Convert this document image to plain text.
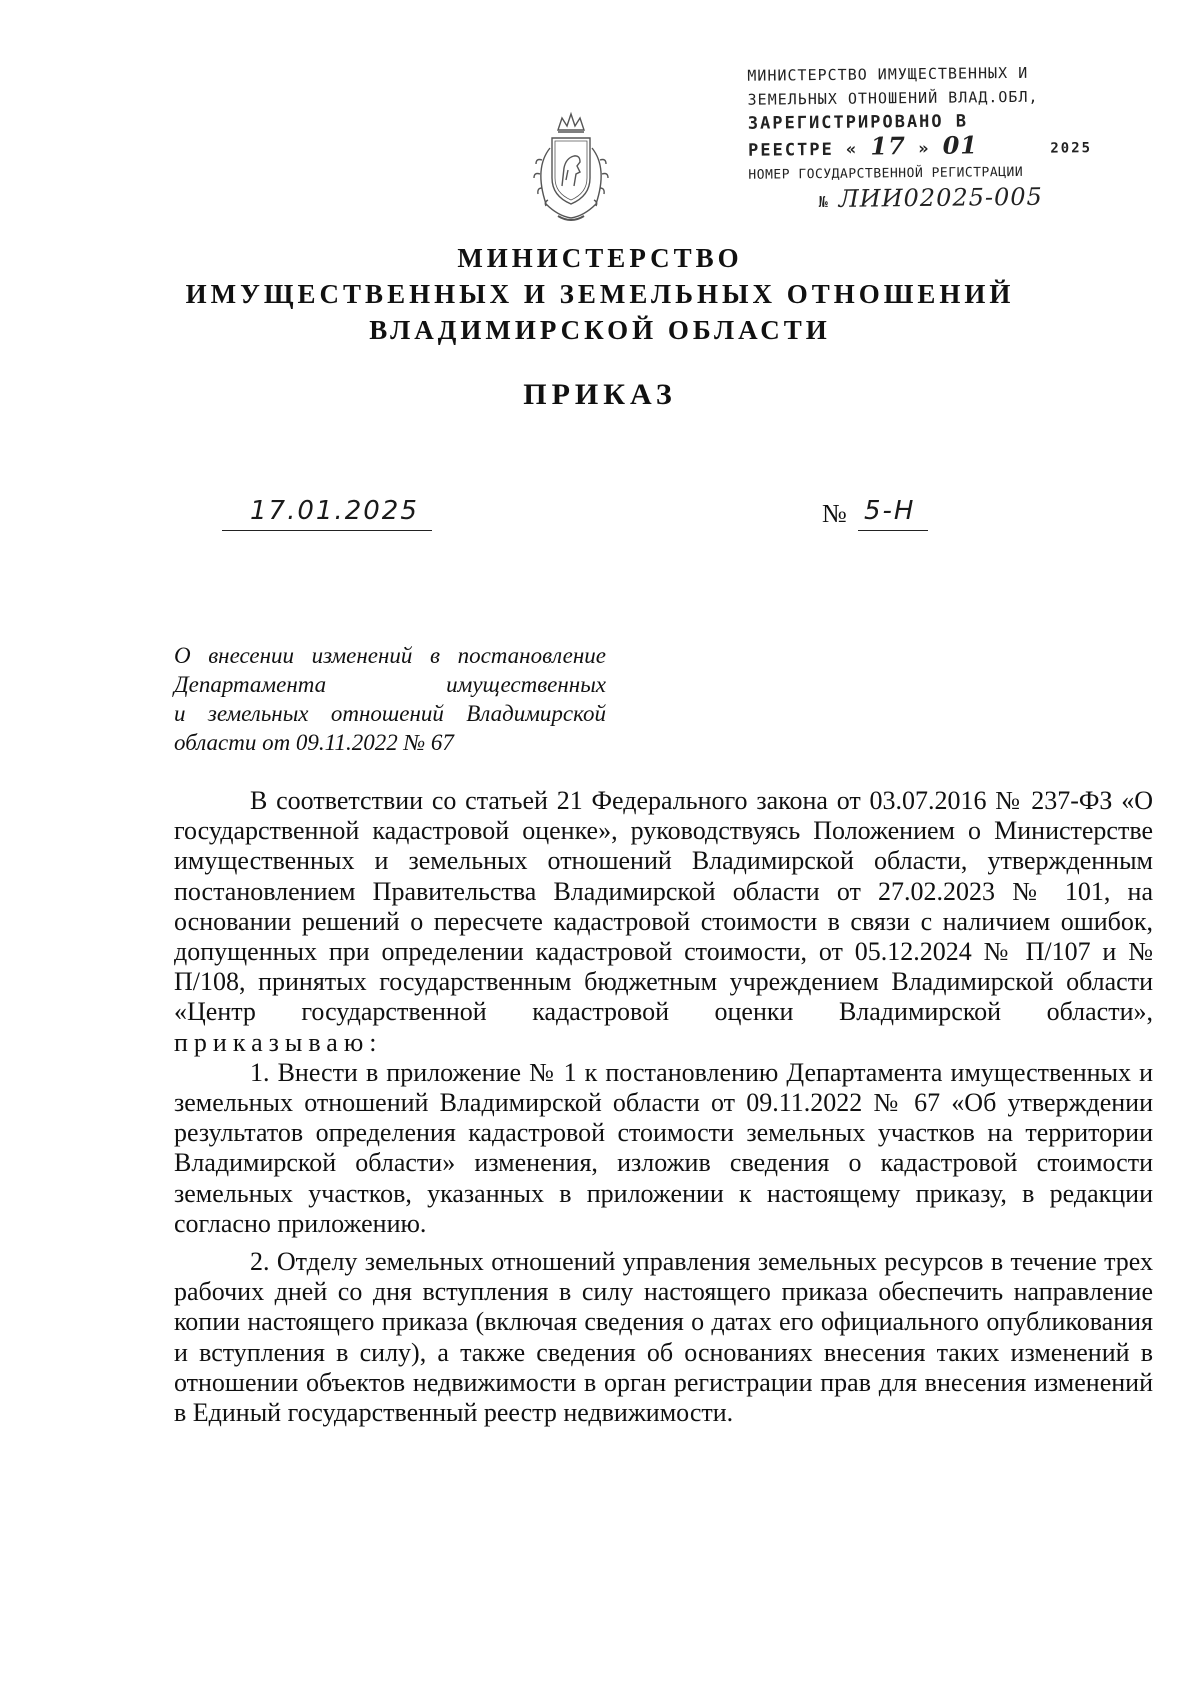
МИНИСТЕРСТВО ИМУЩЕСТВЕННЫХ И
ЗЕМЕЛЬНЫХ ОТНОШЕНИЙ ВЛАД.ОБЛ,
ЗАРЕГИСТРИРОВАНО В
РЕЕСТРЕ « 17 » 01	2025
НОМЕР ГОСУДАРСТВЕННОЙ РЕГИСТРАЦИИ
№ ЛИИ02025-005
МИНИСТЕРСТВО
ИМУЩЕСТВЕННЫХ И ЗЕМЕЛЬНЫХ ОТНОШЕНИЙ
ВЛАДИМИРСКОЙ ОБЛАСТИ
ПРИКАЗ
17.01.2025	№ 5-Н
О внесении изменений в постановление
Департамента имущественных
и земельных отношений Владимирской
области от 09.11.2022 № 67

В соответствии со статьей 21 Федерального закона от 03.07.2016 № 237-ФЗ «О государственной кадастровой оценке», руководствуясь Положением о Министерстве имущественных и земельных отношений Владимирской области, утвержденным постановлением Правительства Владимирской области от 27.02.2023 № 101, на основании решений о пересчете кадастровой стоимости в связи с наличием ошибок, допущенных при определении кадастровой стоимости, от 05.12.2024 № П/107 и № П/108, принятых государственным бюджетным учреждением Владимирской области «Центр государственной кадастровой оценки Владимирской области», приказываю:

1. Внести в приложение № 1 к постановлению Департамента имущественных и земельных отношений Владимирской области от 09.11.2022 № 67 «Об утверждении результатов определения кадастровой стоимости земельных участков на территории Владимирской области» изменения, изложив сведения о кадастровой стоимости земельных участков, указанных в приложении к настоящему приказу, в редакции согласно приложению.

2. Отделу земельных отношений управления земельных ресурсов в течение трех рабочих дней со дня вступления в силу настоящего приказа обеспечить направление копии настоящего приказа (включая сведения о датах его официального опубликования и вступления в силу), а также сведения об основаниях внесения таких изменений в отношении объектов недвижимости в орган регистрации прав для внесения изменений в Единый государственный реестр недвижимости.
